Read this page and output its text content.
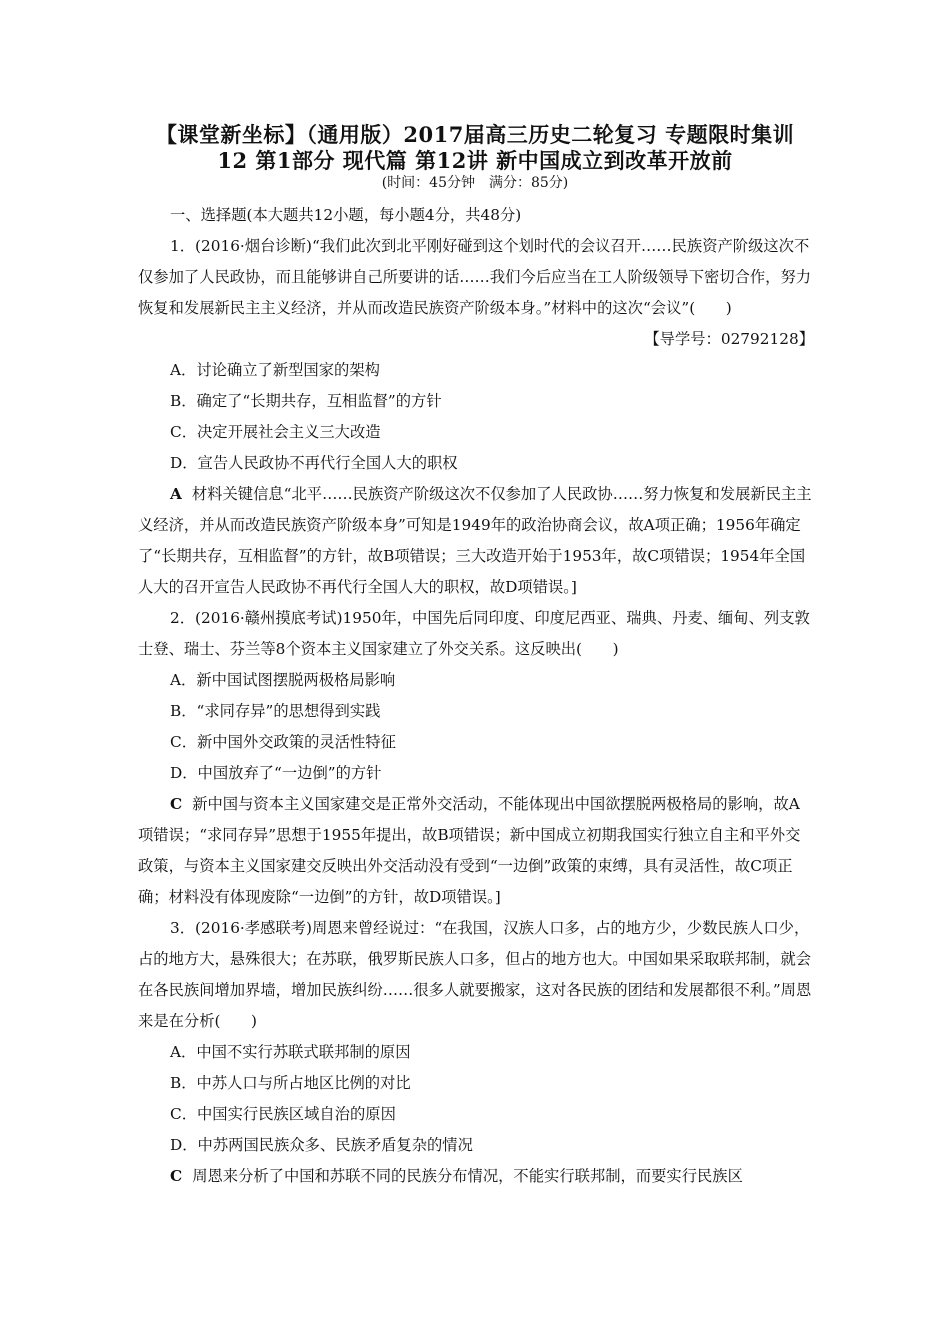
【课堂新坐标】（通用版）2017届高三历史二轮复习 专题限时集训
12 第1部分 现代篇 第12讲 新中国成立到改革开放前
(时间：45分钟　满分：85分)

一、选择题(本大题共12小题，每小题4分，共48分)

1．(2016·烟台诊断)“我们此次到北平刚好碰到这个划时代的会议召开……民族资产阶级这次不仅参加了人民政协，而且能够讲自己所要讲的话……我们今后应当在工人阶级领导下密切合作，努力恢复和发展新民主主义经济，并从而改造民族资产阶级本身。”材料中的这次“会议”(　　)

【导学号：02792128】

A．讨论确立了新型国家的架构

B．确定了“长期共存，互相监督”的方针

C．决定开展社会主义三大改造

D．宣告人民政协不再代行全国人大的职权

A 材料关键信息“北平……民族资产阶级这次不仅参加了人民政协……努力恢复和发展新民主主义经济，并从而改造民族资产阶级本身”可知是1949年的政治协商会议，故A项正确；1956年确定了“长期共存，互相监督”的方针，故B项错误；三大改造开始于1953年，故C项错误；1954年全国人大的召开宣告人民政协不再代行全国人大的职权，故D项错误。]

2．(2016·赣州摸底考试)1950年，中国先后同印度、印度尼西亚、瑞典、丹麦、缅甸、列支敦士登、瑞士、芬兰等8个资本主义国家建立了外交关系。这反映出(　　)

A．新中国试图摆脱两极格局影响

B．“求同存异”的思想得到实践

C．新中国外交政策的灵活性特征

D．中国放弃了“一边倒”的方针

C 新中国与资本主义国家建交是正常外交活动，不能体现出中国欲摆脱两极格局的影响，故A项错误；“求同存异”思想于1955年提出，故B项错误；新中国成立初期我国实行独立自主和平外交政策，与资本主义国家建交反映出外交活动没有受到“一边倒”政策的束缚，具有灵活性，故C项正确；材料没有体现废除“一边倒”的方针，故D项错误。]

3．(2016·孝感联考)周恩来曾经说过：“在我国，汉族人口多，占的地方少，少数民族人口少，占的地方大，悬殊很大；在苏联，俄罗斯民族人口多，但占的地方也大。中国如果采取联邦制，就会在各民族间增加界墙，增加民族纠纷……很多人就要搬家，这对各民族的团结和发展都很不利。”周恩来是在分析(　　)

A．中国不实行苏联式联邦制的原因

B．中苏人口与所占地区比例的对比

C．中国实行民族区域自治的原因

D．中苏两国民族众多、民族矛盾复杂的情况

C 周恩来分析了中国和苏联不同的民族分布情况，不能实行联邦制，而要实行民族区
